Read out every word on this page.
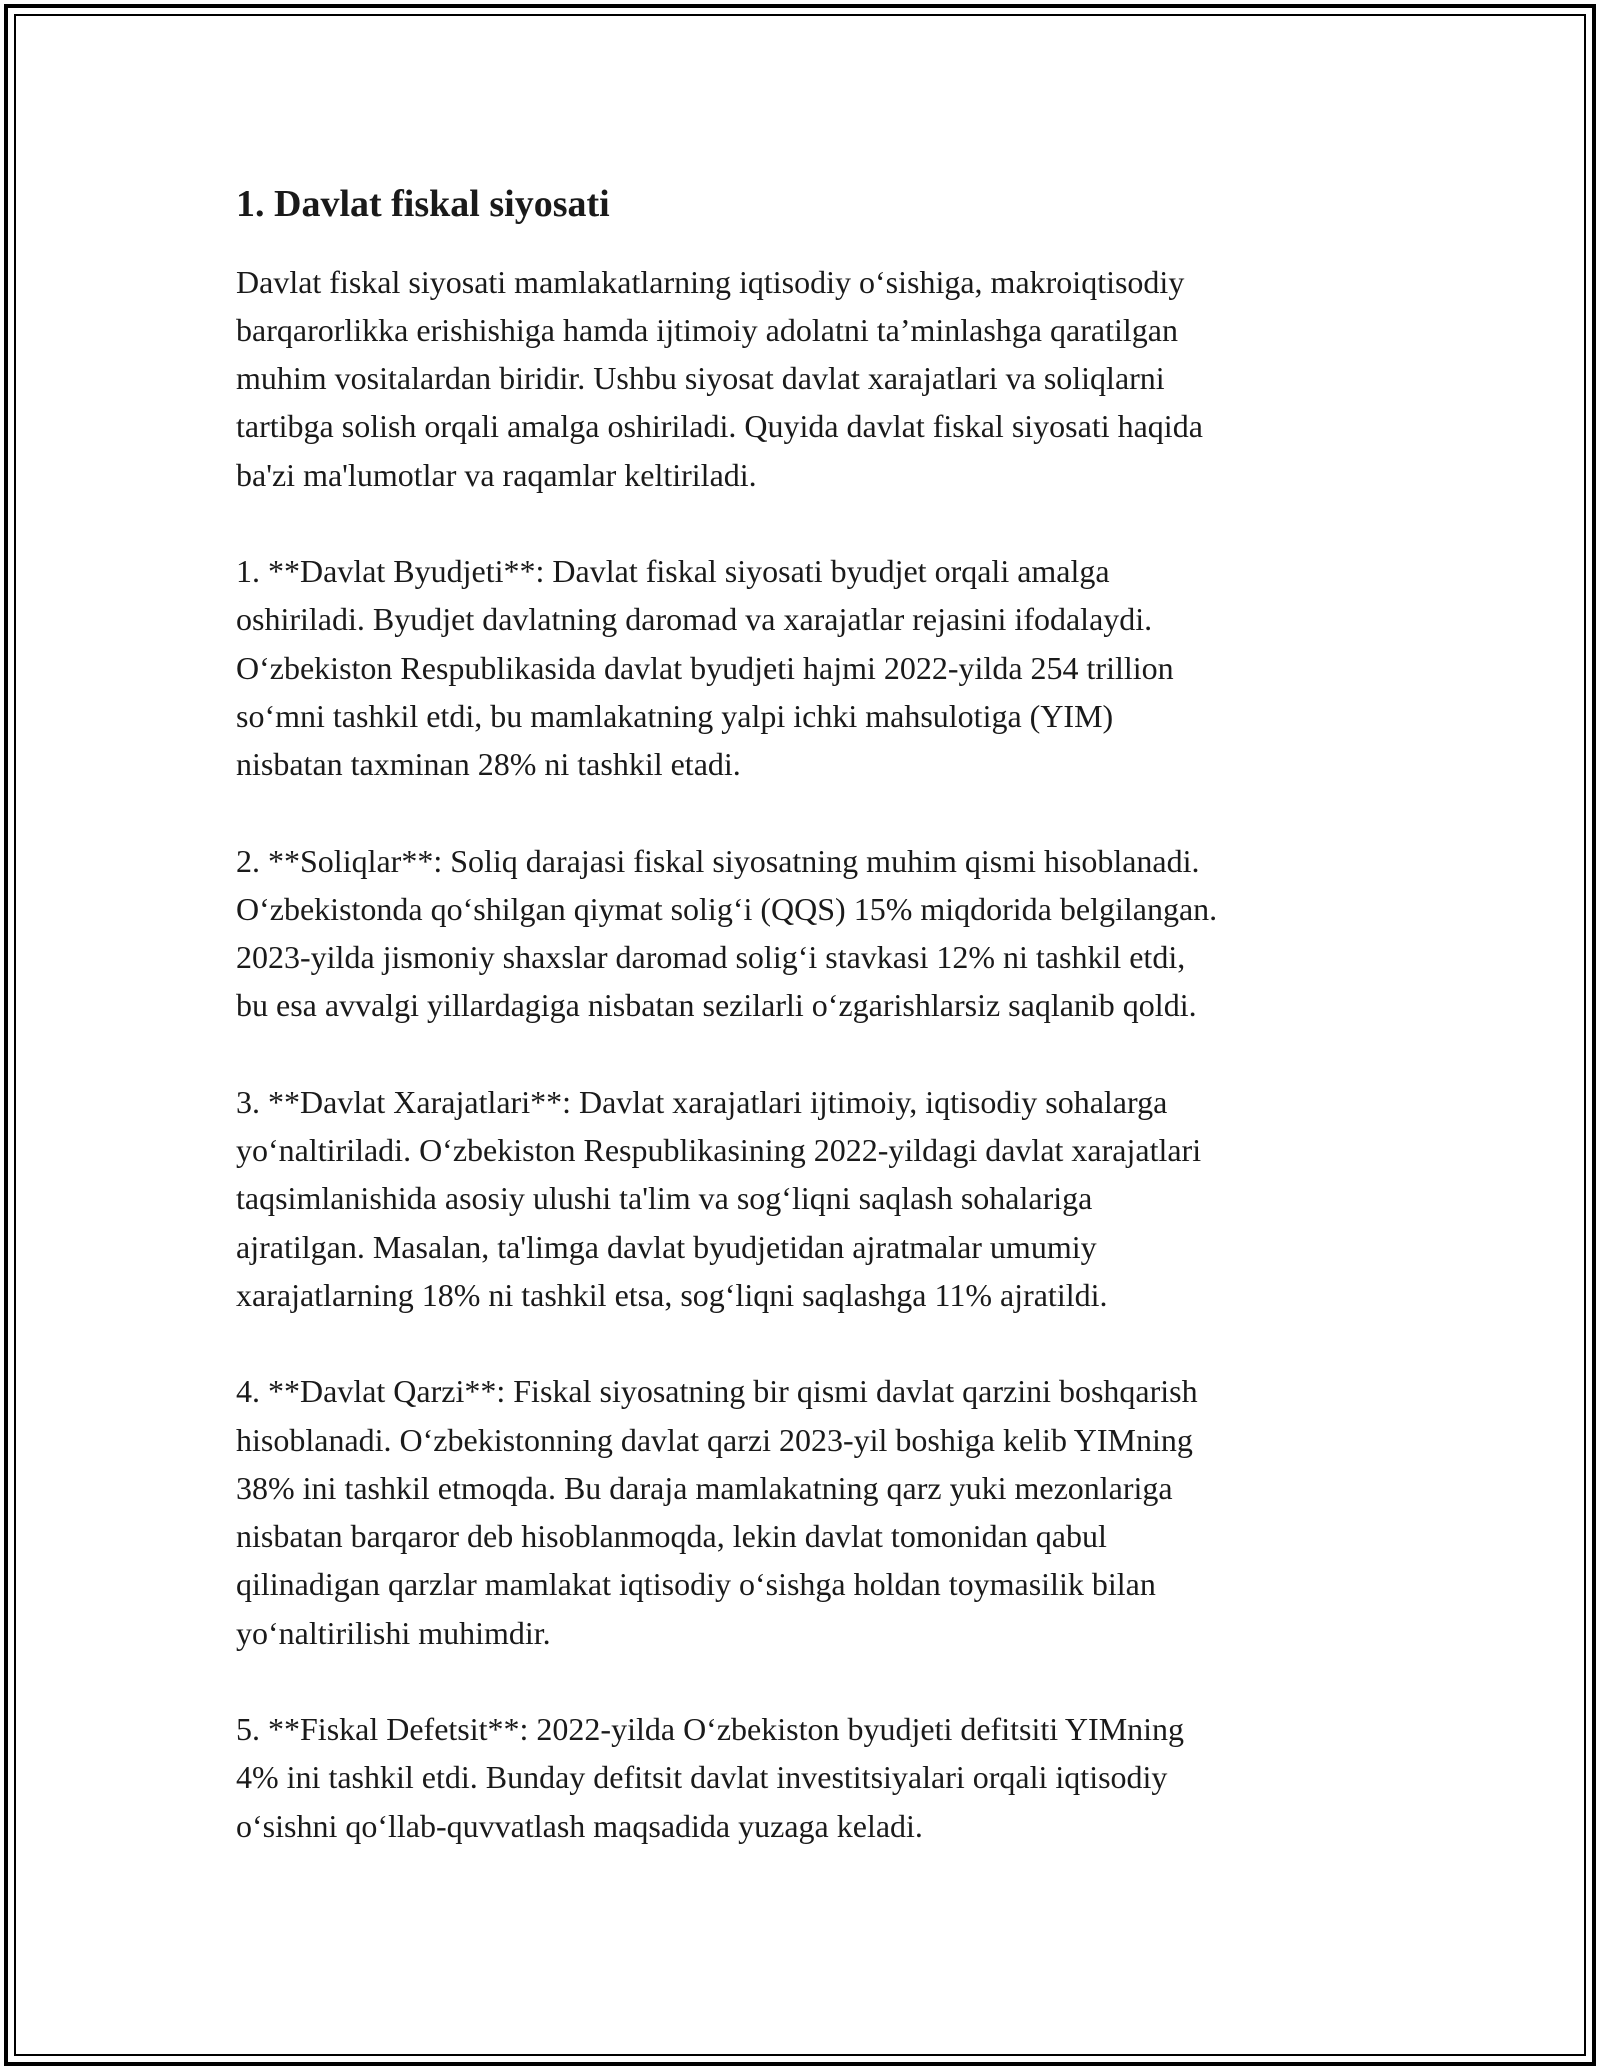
1. Davlat fiskal siyosati

Davlat fiskal siyosati mamlakatlarning iqtisodiy o‘sishiga, makroiqtisodiy
barqarorlikka erishishiga hamda ijtimoiy adolatni ta’minlashga qaratilgan
muhim vositalardan biridir. Ushbu siyosat davlat xarajatlari va soliqlarni
tartibga solish orqali amalga oshiriladi. Quyida davlat fiskal siyosati haqida
ba'zi ma'lumotlar va raqamlar keltiriladi.

1. **Davlat Byudjeti**: Davlat fiskal siyosati byudjet orqali amalga
oshiriladi. Byudjet davlatning daromad va xarajatlar rejasini ifodalaydi.
O‘zbekiston Respublikasida davlat byudjeti hajmi 2022-yilda 254 trillion
so‘mni tashkil etdi, bu mamlakatning yalpi ichki mahsulotiga (YIM)
nisbatan taxminan 28% ni tashkil etadi.

2. **Soliqlar**: Soliq darajasi fiskal siyosatning muhim qismi hisoblanadi.
O‘zbekistonda qo‘shilgan qiymat solig‘i (QQS) 15% miqdorida belgilangan.
2023-yilda jismoniy shaxslar daromad solig‘i stavkasi 12% ni tashkil etdi,
bu esa avvalgi yillardagiga nisbatan sezilarli o‘zgarishlarsiz saqlanib qoldi.

3. **Davlat Xarajatlari**: Davlat xarajatlari ijtimoiy, iqtisodiy sohalarga
yo‘naltiriladi. O‘zbekiston Respublikasining 2022-yildagi davlat xarajatlari
taqsimlanishida asosiy ulushi ta'lim va sog‘liqni saqlash sohalariga
ajratilgan. Masalan, ta'limga davlat byudjetidan ajratmalar umumiy
xarajatlarning 18% ni tashkil etsa, sog‘liqni saqlashga 11% ajratildi.

4. **Davlat Qarzi**: Fiskal siyosatning bir qismi davlat qarzini boshqarish
hisoblanadi. O‘zbekistonning davlat qarzi 2023-yil boshiga kelib YIMning
38% ini tashkil etmoqda. Bu daraja mamlakatning qarz yuki mezonlariga
nisbatan barqaror deb hisoblanmoqda, lekin davlat tomonidan qabul
qilinadigan qarzlar mamlakat iqtisodiy o‘sishga holdan toymasilik bilan
yo‘naltirilishi muhimdir.

5. **Fiskal Defetsit**: 2022-yilda O‘zbekiston byudjeti defitsiti YIMning
4% ini tashkil etdi. Bunday defitsit davlat investitsiyalari orqali iqtisodiy
o‘sishni qo‘llab-quvvatlash maqsadida yuzaga keladi.
